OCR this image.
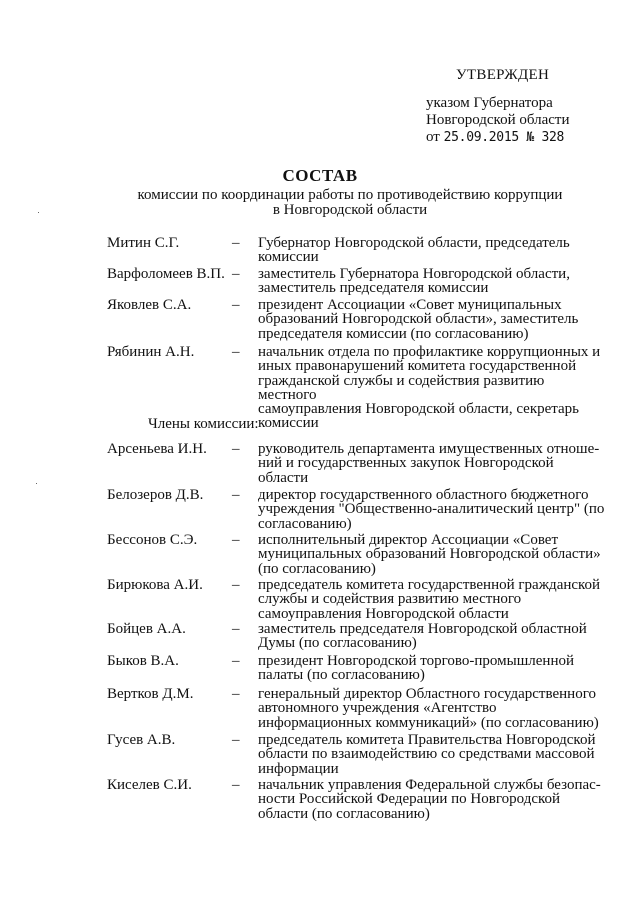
УТВЕРЖДЕН
указом Губернатора
Новгородской области
от 25.09.2015 № 328
СОСТАВ
комиссии по координации работы по противодействию коррупции
в Новгородской области
Члены комиссии:
Митин С.Г.	– Губернатор Новгородской области, председатель
комиссии
Варфоломеев В.П. – заместитель Губернатора Новгородской области,
заместитель председателя комиссии
Яковлев С.А.	– президент Ассоциации «Совет муниципальных
образований Новгородской области», заместитель
председателя комиссии (по согласованию)
Рябинин А.Н.	– начальник отдела по профилактике коррупционных и
иных правонарушений комитета государственной
гражданской службы и содействия развитию местного
самоуправления Новгородской области, секретарь
комиссии
Арсеньева И.Н. – руководитель департамента имущественных отноше-
ний и государственных закупок Новгородской
области
Белозеров Д.В. – директор государственного областного бюджетного
учреждения "Общественно-аналитический центр" (по
согласованию)
Бессонов С.Э. – исполнительный директор Ассоциации «Совет
муниципальных образований Новгородской области»
(по согласованию)
Бирюкова А.И. – председатель комитета государственной гражданской
службы и содействия развитию местного
самоуправления Новгородской области
Бойцев А.А.	– заместитель председателя Новгородской областной
Думы (по согласованию)
Быков В.А.	– президент Новгородской торгово-промышленной
палаты (по согласованию)
Вертков Д.М.	– генеральный директор Областного государственного
автономного учреждения «Агентство
информационных коммуникаций» (по согласованию)
Гусев А.В.	– председатель комитета Правительства Новгородской
области по взаимодействию со средствами массовой
информации
Киселев С.И.	– начальник управления Федеральной службы безопас-
ности Российской Федерации по Новгородской
области (по согласованию)
